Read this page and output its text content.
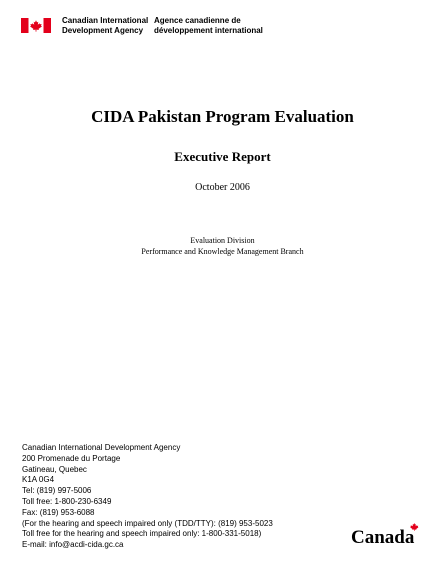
Canadian International
Development Agency
Agence canadienne de
développement international
CIDA Pakistan Program Evaluation
Executive Report
October 2006
Evaluation Division
Performance and Knowledge Management Branch
Canadian International Development Agency
200 Promenade du Portage
Gatineau, Quebec
K1A 0G4
Tel: (819) 997-5006
Toll free: 1-800-230-6349
Fax: (819) 953-6088
(For the hearing and speech impaired only (TDD/TTY): (819) 953-5023
Toll free for the hearing and speech impaired only: 1-800-331-5018)
E-mail: info@acdi-cida.gc.ca	Canada
